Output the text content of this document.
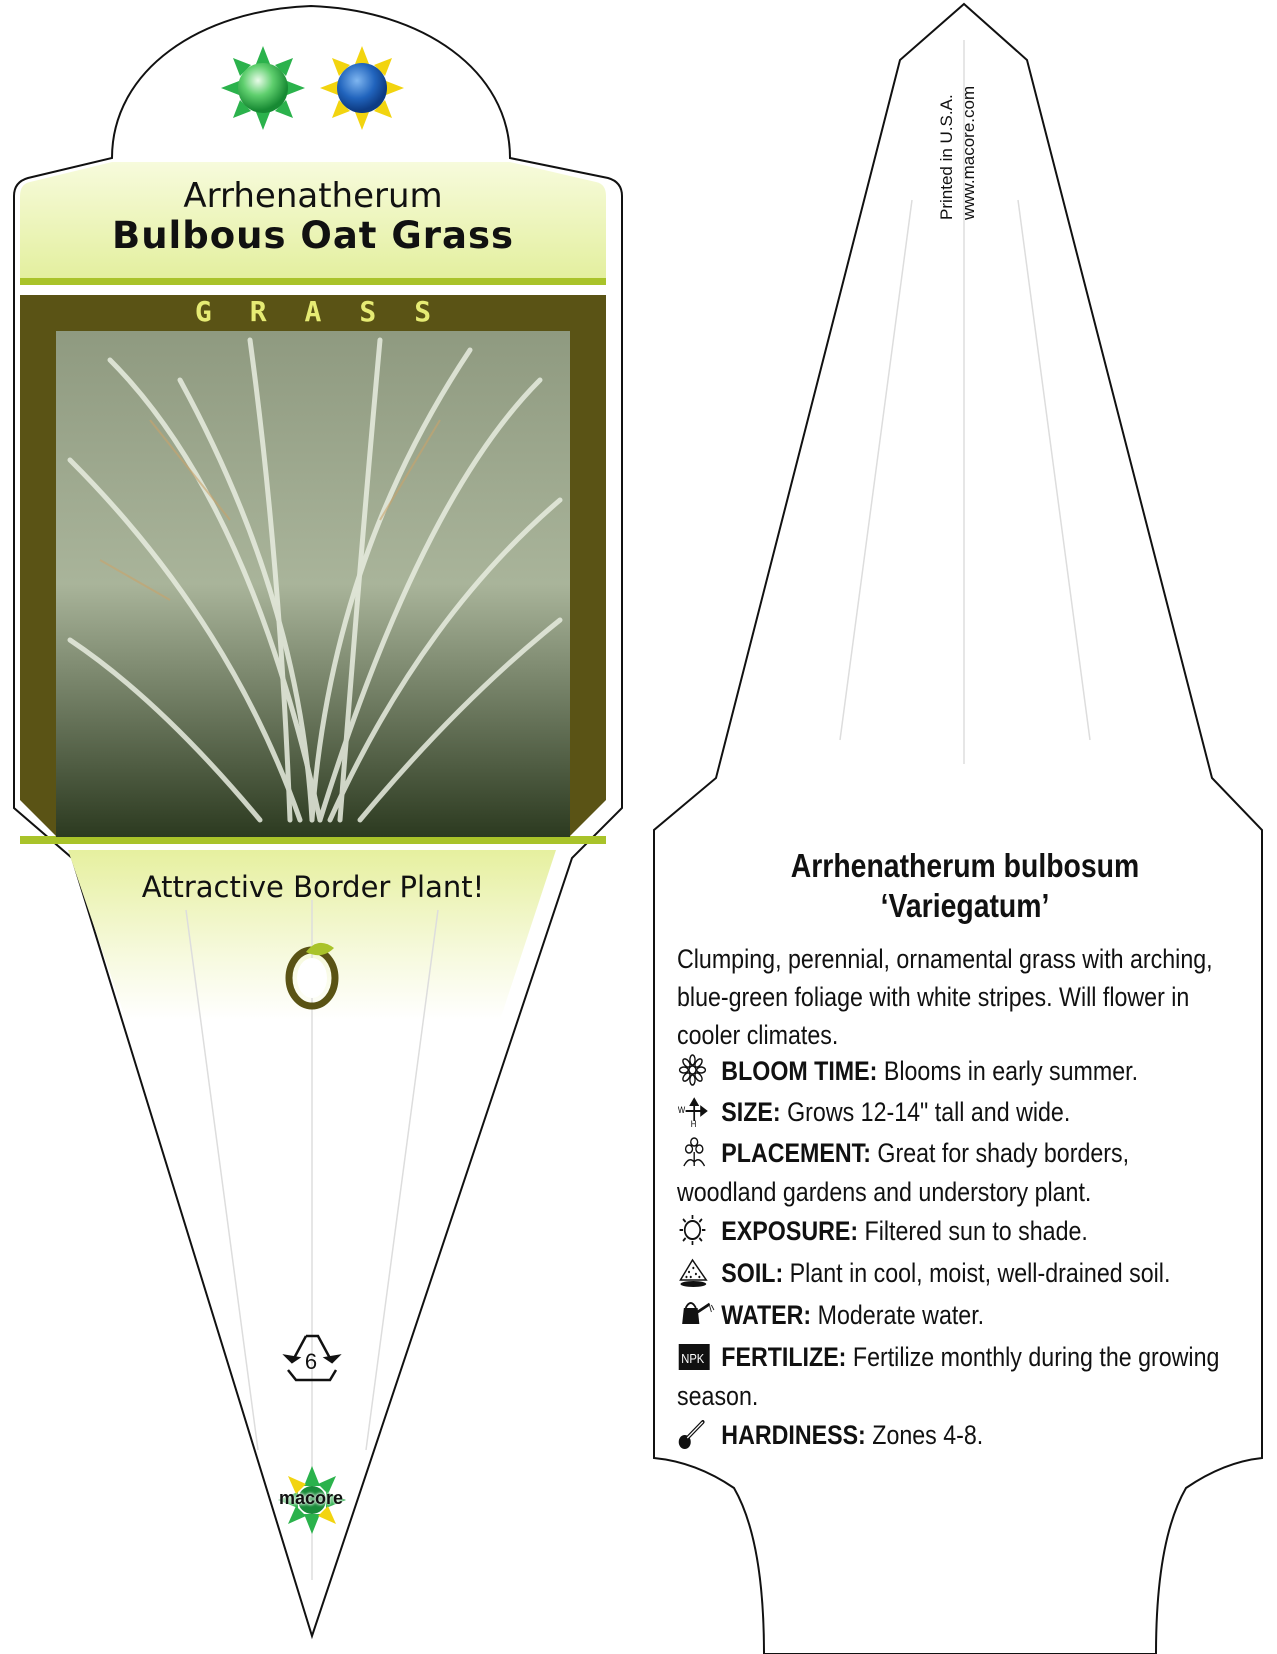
Arrhenatherum
Bulbous Oat Grass
GRASS
Attractive Border Plant!
6
macore
Printed in U.S.A. www.macore.com
Arrhenatherum bulbosum
‘Variegatum’
Clumping, perennial, ornamental grass with arching, blue-green foliage with white stripes. Will flower in cooler climates.
BLOOM TIME: Blooms in early summer.
W
H SIZE: Grows 12-14" tall and wide.
PLACEMENT: Great for shady borders, woodland gardens and understory plant.
EXPOSURE: Filtered sun to shade.
SOIL: Plant in cool, moist, well-drained soil.
WATER: Moderate water.
NPK FERTILIZE: Fertilize monthly during the growing season.
HARDINESS: Zones 4-8.
